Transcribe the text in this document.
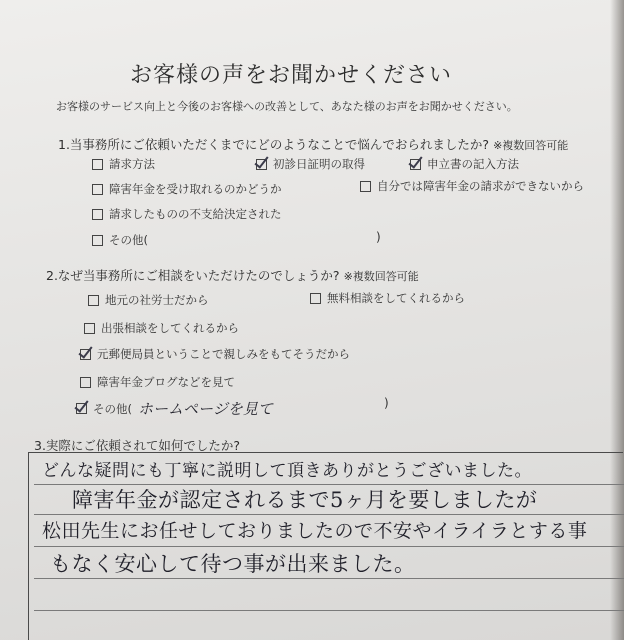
お客様の声をお聞かせください
お客様のサービス向上と今後のお客様への改善として、あなた様のお声をお聞かせください。
1.当事務所にご依頼いただくまでにどのようなことで悩んでおられましたか? ※複数回答可能
請求方法	初診日証明の取得	申立書の記入方法
障害年金を受け取れるのかどうか	自分では障害年金の請求ができないから
請求したものの不支給決定された
その他(	)
2.なぜ当事務所にご相談をいただけたのでしょうか? ※複数回答可能
地元の社労士だから	無料相談をしてくれるから
出張相談をしてくれるから
元郵便局員ということで親しみをもてそうだから
障害年金ブログなどを見て
その他( ホームページを見て	)
3.実際にご依頼されて如何でしたか?
どんな疑問にも丁寧に説明して頂きありがとうございました。
障害年金が認定されるまで5ヶ月を要しましたが
松田先生にお任せしておりましたので不安やイライラとする事
もなく安心して待つ事が出来ました。
